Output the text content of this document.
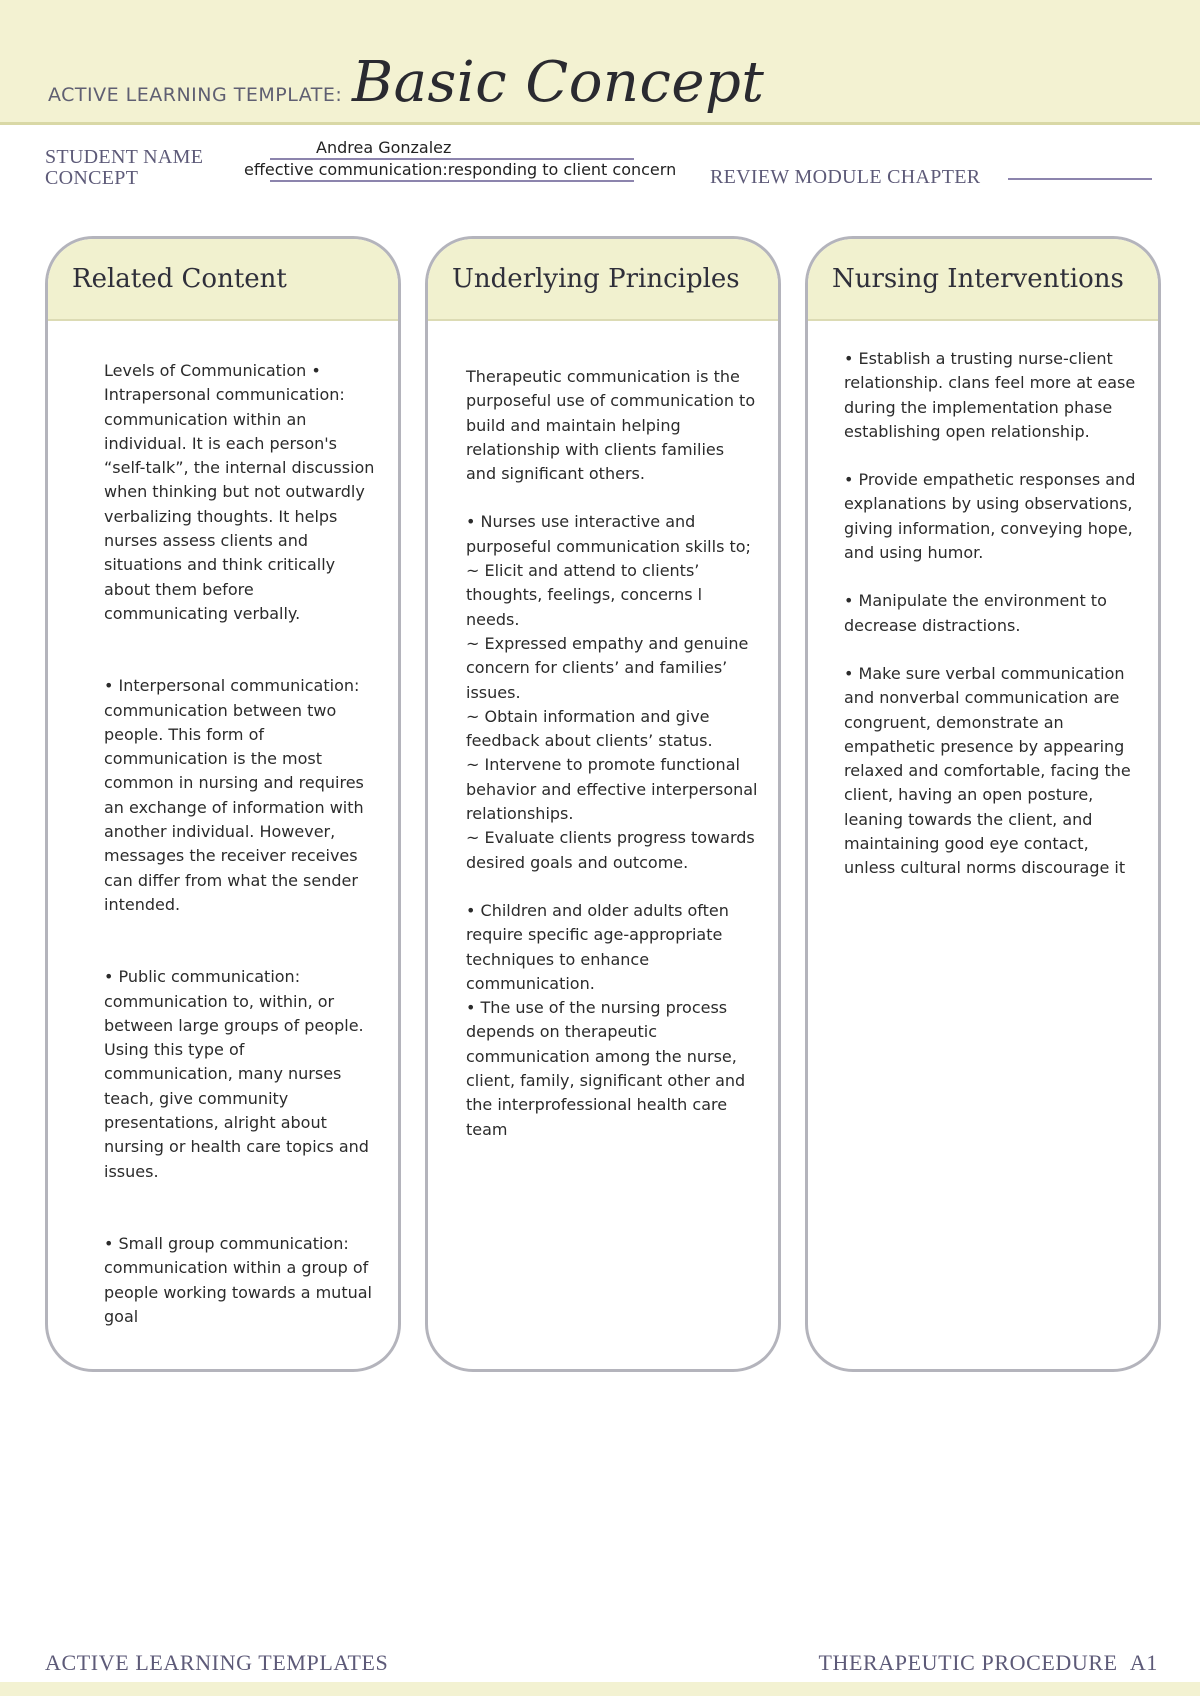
ACTIVE LEARNING TEMPLATE: Basic Concept
STUDENT NAME	Andrea Gonzalez
CONCEPT	effective communication:responding to client concern REVIEW MODULE CHAPTER
Related Content

Levels of Communication • Intrapersonal communication: communication within an individual. It is each person's “self-talk”, the internal discussion when thinking but not outwardly verbalizing thoughts. It helps nurses assess clients and situations and think critically about them before communicating verbally.

• Interpersonal communication: communication between two people. This form of communication is the most common in nursing and requires an exchange of information with another individual. However, messages the receiver receives can differ from what the sender intended.

• Public communication: communication to, within, or between large groups of people. Using this type of communication, many nurses teach, give community presentations, alright about nursing or health care topics and issues.

• Small group communication: communication within a group of people working towards a mutual goal

Underlying Principles

Therapeutic communication is the purposeful use of communication to build and maintain helping relationship with clients families and significant others.

• Nurses use interactive and purposeful communication skills to;

~ Elicit and attend to clients’ thoughts, feelings, concerns l needs.

~ Expressed empathy and genuine concern for clients’ and families’ issues.

~ Obtain information and give feedback about clients’ status.

~ Intervene to promote functional behavior and effective interpersonal relationships.

~ Evaluate clients progress towards desired goals and outcome.

• Children and older adults often require specific age-appropriate techniques to enhance communication.

• The use of the nursing process depends on therapeutic communication among the nurse, client, family, significant other and the interprofessional health care team

Nursing Interventions

• Establish a trusting nurse-client relationship. clans feel more at ease during the implementation phase establishing open relationship.

• Provide empathetic responses and explanations by using observations, giving information, conveying hope, and using humor.

• Manipulate the environment to decrease distractions.

• Make sure verbal communication and nonverbal communication are congruent, demonstrate an empathetic presence by appearing relaxed and comfortable, facing the client, having an open posture, leaning towards the client, and maintaining good eye contact, unless cultural norms discourage it

ACTIVE LEARNING TEMPLATES	THERAPEUTIC PROCEDURE A1
